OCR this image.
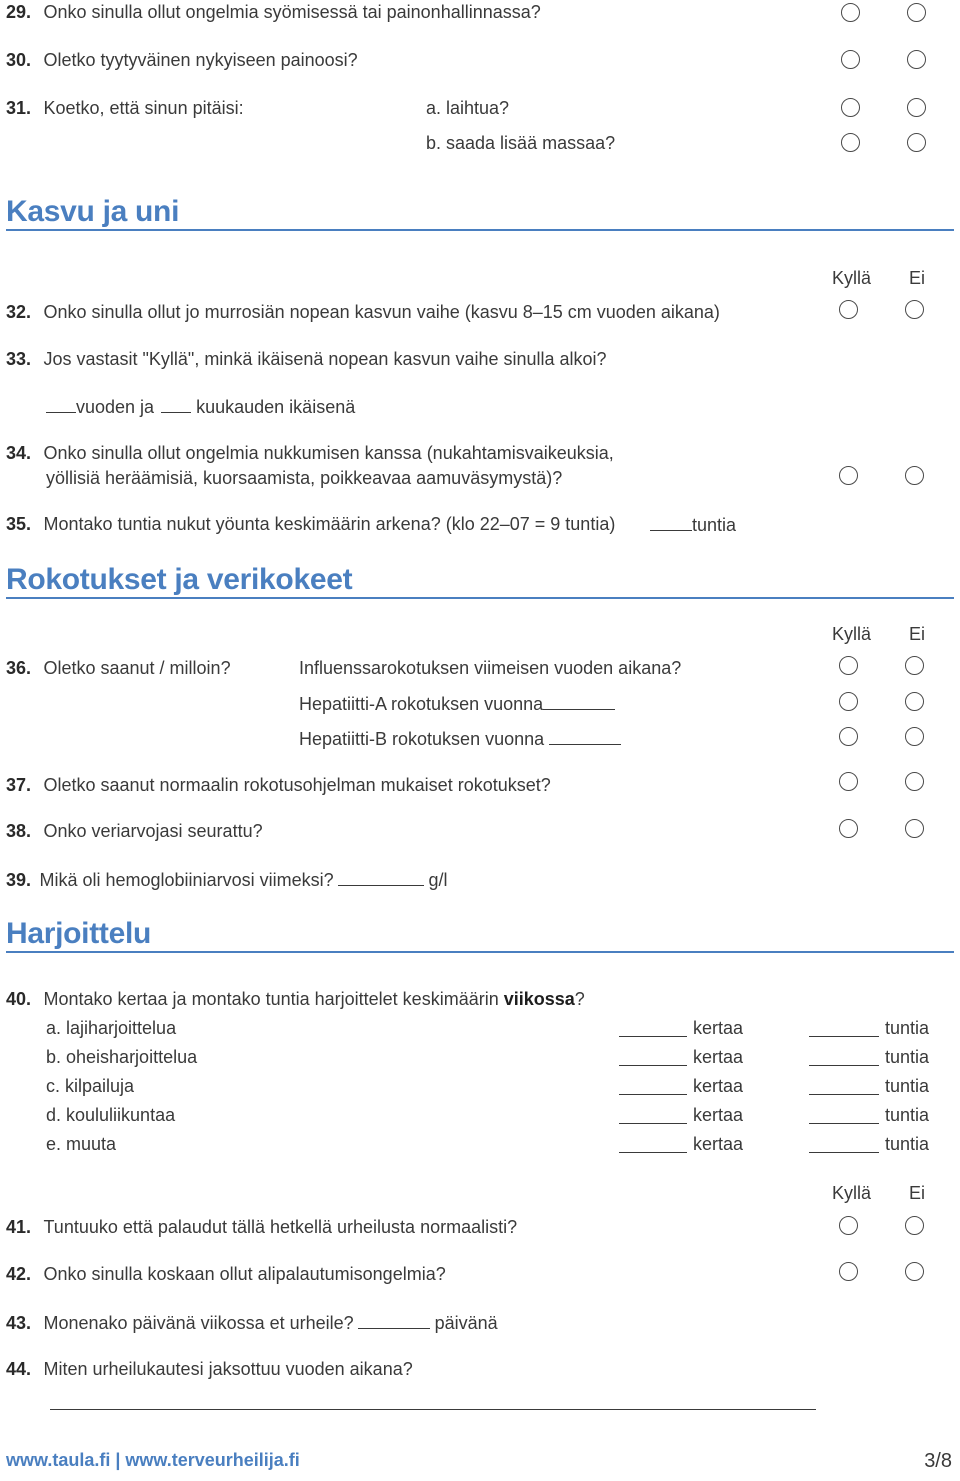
29. Onko sinulla ollut ongelmia syömisessä tai painonhallinnassa?
30. Oletko tyytyväinen nykyiseen painoosi?
31. Koetko, että sinun pitäisi:	a. laihtua?
b. saada lisää massaa?
Kasvu ja uni
Kyllä Ei
32. Onko sinulla ollut jo murrosiän nopean kasvun vaihe (kasvu 8–15 cm vuoden aikana)
33. Jos vastasit "Kyllä", minkä ikäisenä nopean kasvun vaihe sinulla alkoi?
vuoden ja kuukauden ikäisenä
34. Onko sinulla ollut ongelmia nukkumisen kanssa (nukahtamisvaikeuksia,
yöllisiä heräämisiä, kuorsaamista, poikkeavaa aamuväsymystä)?
35. Montako tuntia nukut yöunta keskimäärin arkena? (klo 22–07 = 9 tuntia)	tuntia
Rokotukset ja verikokeet
Kyllä Ei
36. Oletko saanut / milloin?	Influenssarokotuksen viimeisen vuoden aikana?
Hepatiitti-A rokotuksen vuonna
Hepatiitti-B rokotuksen vuonna
37. Oletko saanut normaalin rokotusohjelman mukaiset rokotukset?
38. Onko veriarvojasi seurattu?
39. Mikä oli hemoglobiiniarvosi viimeksi?	g/l
Harjoittelu
40. Montako kertaa ja montako tuntia harjoittelet keskimäärin viikossa?
a. lajiharjoittelua	kertaa	tuntia
b. oheisharjoittelua	kertaa	tuntia
c. kilpailuja	kertaa	tuntia
d. koululiikuntaa	kertaa	tuntia
e. muuta	kertaa	tuntia
Kyllä Ei
41. Tuntuuko että palaudut tällä hetkellä urheilusta normaalisti?
42. Onko sinulla koskaan ollut alipalautumisongelmia?
43. Monenako päivänä viikossa et urheile?	päivänä
44. Miten urheilukautesi jaksottuu vuoden aikana?
www.taula.fi | www.terveurheilija.fi	3/8
